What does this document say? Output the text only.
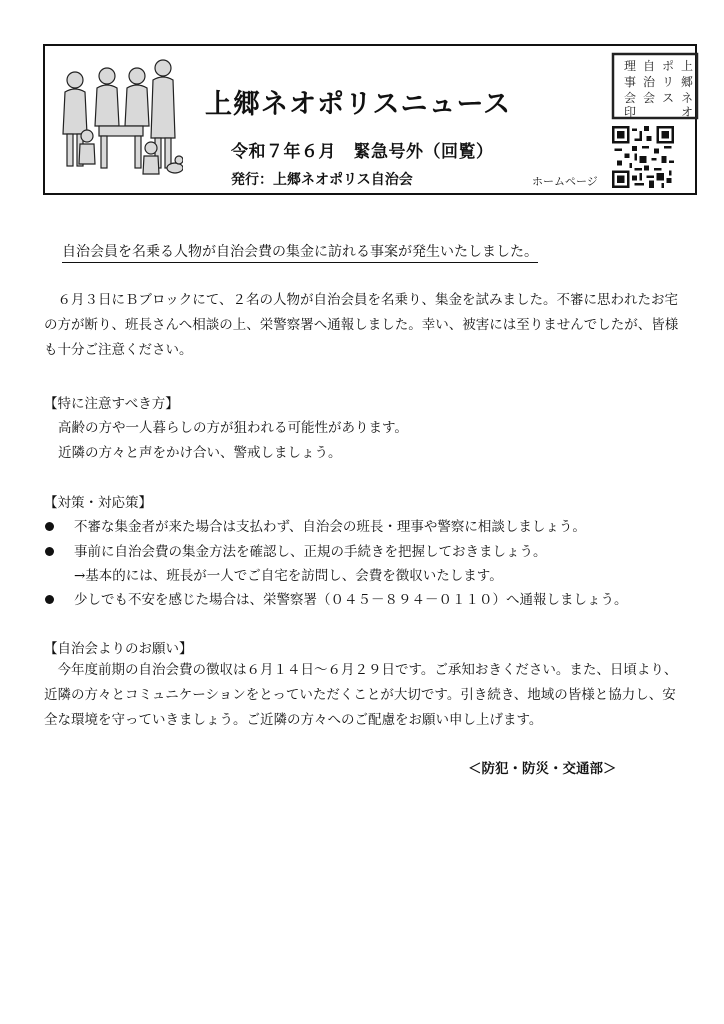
上郷ネオポリスニュース
令和７年６月　緊急号外（回覧）
発行：上郷ネオポリス自治会	ホームページ
上
郷
ネ
オ
ポ
リ
ス
自
治
会
理
事
会
印
自治会員を名乗る人物が自治会費の集金に訪れる事案が発生いたしました。
６月３日にＢブロックにて、２名の人物が自治会員を名乗り、集金を試みました。不審に思われたお宅の方が断り、班長さんへ相談の上、栄警察署へ通報しました。幸い、被害には至りませんでしたが、皆様も十分ご注意ください。
【特に注意すべき方】
高齢の方や一人暮らしの方が狙われる可能性があります。
近隣の方々と声をかけ合い、警戒しましょう。
【対策・対応策】
不審な集金者が来た場合は支払わず、自治会の班長・理事や警察に相談しましょう。
事前に自治会費の集金方法を確認し、正規の手続きを把握しておきましょう。
→基本的には、班長が一人でご自宅を訪問し、会費を徴収いたします。
少しでも不安を感じた場合は、栄警察署（０４５－８９４－０１１０）へ通報しましょう。
【自治会よりのお願い】
今年度前期の自治会費の徴収は６月１４日～６月２９日です。ご承知おきください。また、日頃より、近隣の方々とコミュニケーションをとっていただくことが大切です。引き続き、地域の皆様と協力し、安全な環境を守っていきましょう。ご近隣の方々へのご配慮をお願い申し上げます。
＜防犯・防災・交通部＞
